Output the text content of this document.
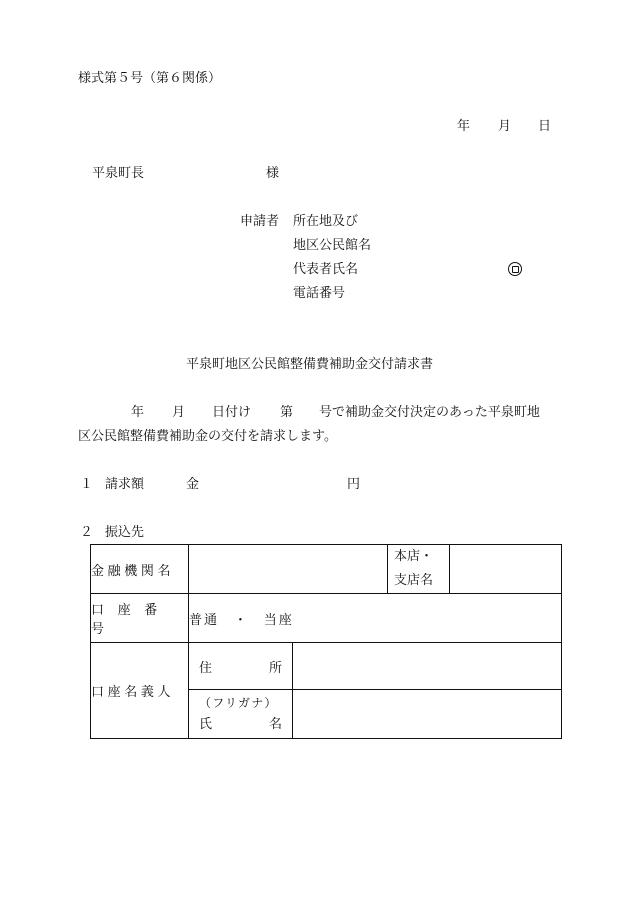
様式第５号（第６関係）
年 月 日
平泉町長	様
申請者 所在地及び
地区公民館名
代表者氏名
電話番号
平泉町地区公民館整備費補助金交付請求書
年 月 日付け 第 号で補助金交付決定のあった平泉町地
区公民館整備費補助金の交付を請求します。
１ 請求額	金	円
２ 振込先
金融機関名			本店・
支店名	

口座番号	普通　・　当座			
口座名義人	住 所			

	（フリガナ）
氏 名			
